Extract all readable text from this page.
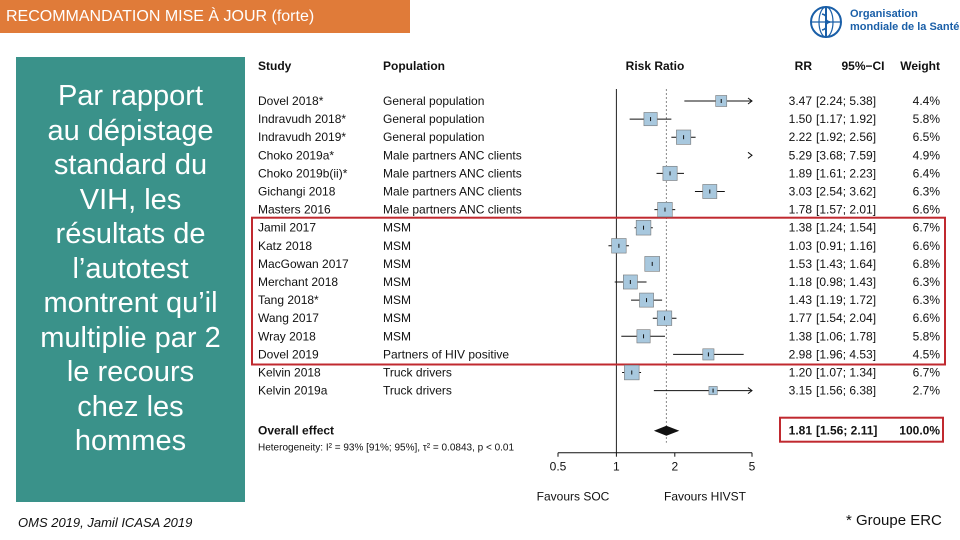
RECOMMANDATION MISE À JOUR (forte)	Organisation
mondiale de la Santé
Par rapport
au dépistage
standard du
VIH, les
résultats de
l’autotest
montrent qu’il
multiplie par 2
le recours
chez les
hommes
Study	Population	Risk Ratio	RR 95%−CI Weight
Dovel 2018*	General population	3.47 [2.24; 5.38]	4.4%
Indravudh 2018*	General population	1.50 [1.17; 1.92]	5.8%
Indravudh 2019*	General population	2.22 [1.92; 2.56]	6.5%
Choko 2019a*	Male partners ANC clients	5.29 [3.68; 7.59]	4.9%
Choko 2019b(ii)*	Male partners ANC clients	1.89 [1.61; 2.23]	6.4%
Gichangi 2018	Male partners ANC clients	3.03 [2.54; 3.62]	6.3%
Masters 2016	Male partners ANC clients	1.78 [1.57; 2.01]	6.6%
Jamil 2017	MSM	1.38 [1.24; 1.54]	6.7%
Katz 2018	MSM	1.03 [0.91; 1.16]	6.6%
MacGowan 2017	MSM	1.53 [1.43; 1.64]	6.8%
Merchant 2018	MSM	1.18 [0.98; 1.43]	6.3%
Tang 2018*	MSM	1.43 [1.19; 1.72]	6.3%
Wang 2017	MSM	1.77 [1.54; 2.04]	6.6%
Wray 2018	MSM	1.38 [1.06; 1.78]	5.8%
Dovel 2019	Partners of HIV positive	2.98 [1.96; 4.53]	4.5%
Kelvin 2018	Truck drivers	1.20 [1.07; 1.34]	6.7%
Kelvin 2019a	Truck drivers	3.15 [1.56; 6.38]	2.7%
Overall effect	1.81 [1.56; 2.11] 100.0%
Heterogeneity: I² = 93% [91%; 95%], τ² = 0.0843, p < 0.01
0.5	1	2	5
Favours SOC	Favours HIVST
OMS 2019, Jamil ICASA 2019	* Groupe ERC
